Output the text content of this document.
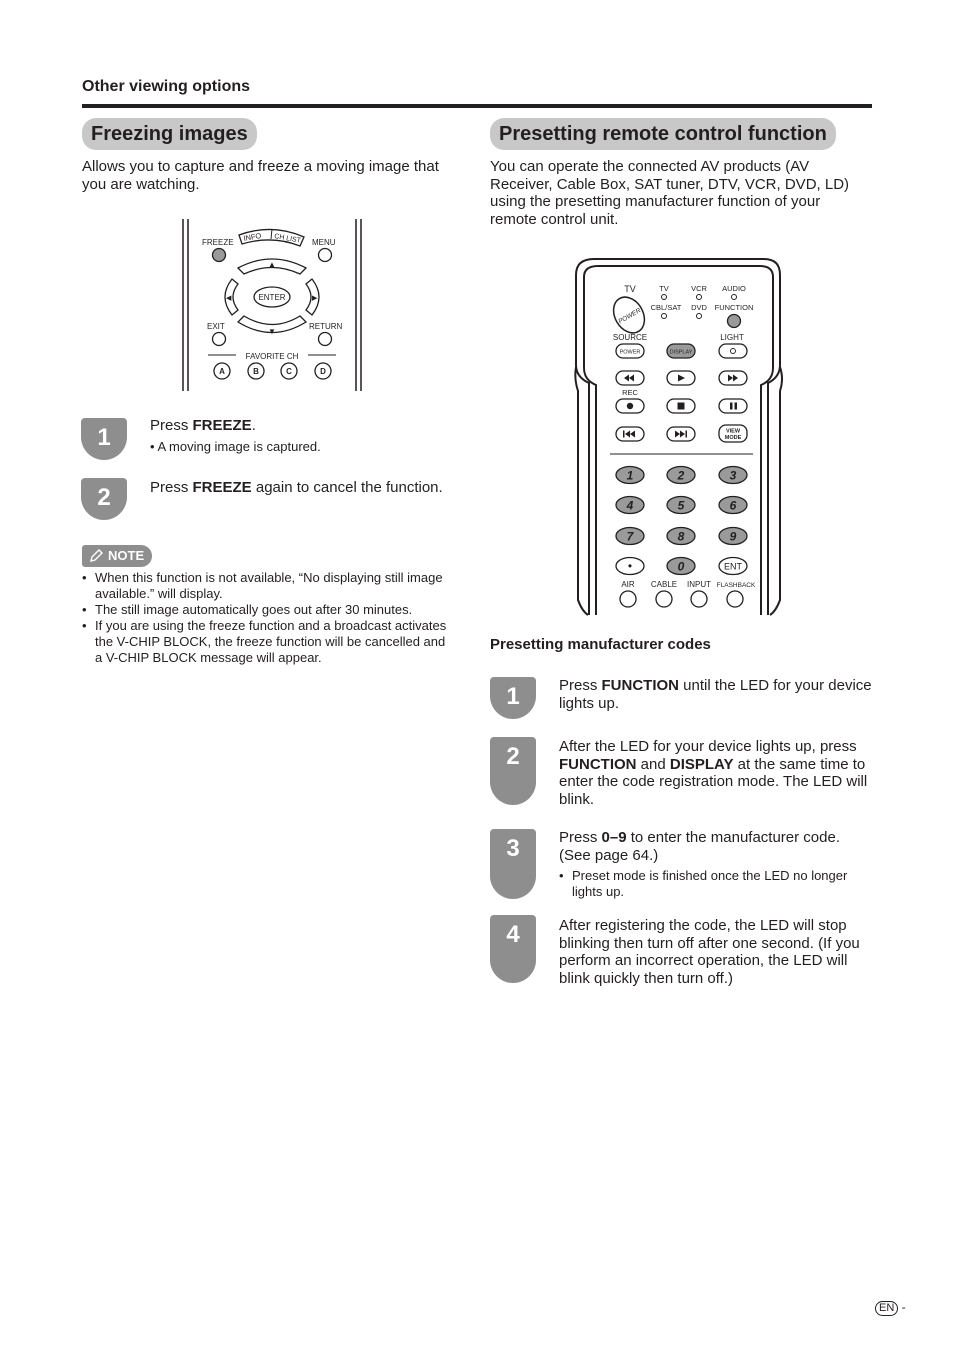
Other viewing options
Freezing images
Allows you to capture and freeze a moving image that you are watching.
FREEZE INFO CH LIST MENU
▲
◀	▶
ENTER
▼
EXIT	RETURN
FAVORITE CH
A	B	C	D
1	Press FREEZE.
• A moving image is captured.
2	Press FREEZE again to cancel the function.
NOTE
• When this function is not available, “No displaying still image available.” will display.
• The still image automatically goes out after 30 minutes.
• If you are using the freeze function and a broadcast activates the V-CHIP BLOCK, the freeze function will be cancelled and a V-CHIP BLOCK message will appear.
Presetting remote control function
You can operate the connected AV products (AV Receiver, Cable Box, SAT tuner, DTV, VCR, DVD, LD) using the presetting manufacturer function of your remote control unit.
TV
POWER
TV	VCR AUDIO
CBL/SAT DVD FUNCTION
SOURCE
POWER	DISPLAY
LIGHT
REC
VIEW
MODE
1	2	3
4	5	6
7	8	9
0
•	ENT
AIR CABLE INPUT FLASHBACK
Presetting manufacturer codes
1	Press FUNCTION until the LED for your device lights up.
2	After the LED for your device lights up, press FUNCTION and DISPLAY at the same time to enter the code registration mode. The LED will blink.
3	Press 0–9 to enter the manufacturer code. (See page 64.)
• Preset mode is finished once the LED no longer lights up.
4	After registering the code, the LED will stop blinking then turn off after one second. (If you perform an incorrect operation, the LED will blink quickly then turn off.)
EN -
